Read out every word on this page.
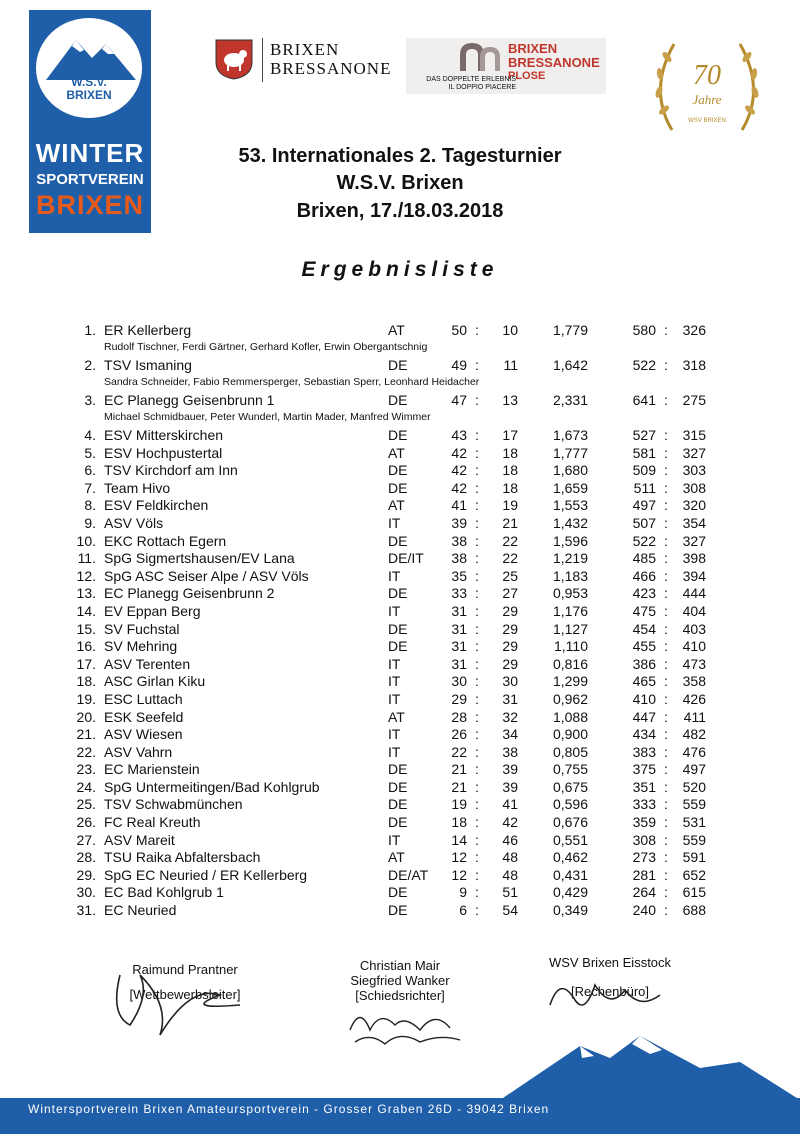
W.S.V.
BRIXEN
WINTER
SPORTVEREIN
BRIXEN
BRIXEN
BRESSANONE
BRIXEN
BRESSANONE
PLOSE
DAS DOPPELTE ERLEBNIS
IL DOPPIO PIACERE	70
Jahre
WSV BRIXEN
53. Internationales 2. Tagesturnier
W.S.V. Brixen
Brixen, 17./18.03.2018
Ergebnisliste
1. ER Kellerberg	AT	50 :	10	1,779	580 :	326
Rudolf Tischner, Ferdi Gärtner, Gerhard Kofler, Erwin Obergantschnig
2. TSV Ismaning	DE	49 :	11	1,642	522 :	318
Sandra Schneider, Fabio Remmersperger, Sebastian Sperr, Leonhard Heidacher
3. EC Planegg Geisenbrunn 1	DE	47 :	13	2,331	641 :	275
Michael Schmidbauer, Peter Wunderl, Martin Mader, Manfred Wimmer
4. ESV Mitterskirchen	DE	43 :	17	1,673	527 :	315
5. ESV Hochpustertal	AT	42 :	18	1,777	581 :	327
6. TSV Kirchdorf am Inn	DE	42 :	18	1,680	509 :	303
7. Team Hivo	DE	42 :	18	1,659	511 :	308
8. ESV Feldkirchen	AT	41 :	19	1,553	497 :	320
9. ASV Völs	IT	39 :	21	1,432	507 :	354
10. EKC Rottach Egern	DE	38 :	22	1,596	522 :	327
11. SpG Sigmertshausen/EV Lana	DE/IT	38 :	22	1,219	485 :	398
12. SpG ASC Seiser Alpe / ASV Völs	IT	35 :	25	1,183	466 :	394
13. EC Planegg Geisenbrunn 2	DE	33 :	27	0,953	423 :	444
14. EV Eppan Berg	IT	31 :	29	1,176	475 :	404
15. SV Fuchstal	DE	31 :	29	1,127	454 :	403
16. SV Mehring	DE	31 :	29	1,110	455 :	410
17. ASV Terenten	IT	31 :	29	0,816	386 :	473
18. ASC Girlan Kiku	IT	30 :	30	1,299	465 :	358
19. ESC Luttach	IT	29 :	31	0,962	410 :	426
20. ESK Seefeld	AT	28 :	32	1,088	447 :	411
21. ASV Wiesen	IT	26 :	34	0,900	434 :	482
22. ASV Vahrn	IT	22 :	38	0,805	383 :	476
23. EC Marienstein	DE	21 :	39	0,755	375 :	497
24. SpG Untermeitingen/Bad Kohlgrub	DE	21 :	39	0,675	351 :	520
25. TSV Schwabmünchen	DE	19 :	41	0,596	333 :	559
26. FC Real Kreuth	DE	18 :	42	0,676	359 :	531
27. ASV Mareit	IT	14 :	46	0,551	308 :	559
28. TSU Raika Abfaltersbach	AT	12 :	48	0,462	273 :	591
29. SpG EC Neuried / ER Kellerberg	DE/AT	12 :	48	0,431	281 :	652
30. EC Bad Kohlgrub 1	DE	9 :	51	0,429	264 :	615
31. EC Neuried	DE	6 :	54	0,349	240 :	688
Raimund Prantner
[Wettbewerbsleiter]
Christian Mair
Siegfried Wanker
[Schiedsrichter]
WSV Brixen Eisstock
[Rechenbüro]
Wintersportverein Brixen Amateursportverein - Grosser Graben 26D - 39042 Brixen
